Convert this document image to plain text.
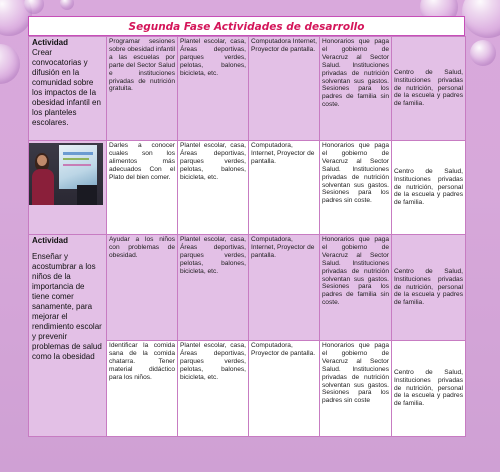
Segunda Fase Actividades de desarrollo
Actividad
Crear convocatorias y difusión en la comunidad sobre los impactos de la obesidad infantil en los planteles escolares.	Programar sesiones sobre obesidad infantil a las escuelas por parte del Sector Salud e instituciones privadas de nutrición gratuita.	Plantel escolar, casa, Áreas deportivas, parques verdes, pelotas, balones, bicicleta, etc.	Computadora Internet, Proyector de pantalla.	Honorarios que paga el gobierno de Veracruz al Sector Salud. Instituciones privadas de nutrición solventan sus gastos. Sesiones para los padres de familia sin coste.	Centro de Salud, Instituciones privadas de nutrición, personal de la escuela y padres de familia.

	Darles a conocer cuales son los alimentos más adecuados Con el Plato del bien comer.	Plantel escolar, casa, Áreas deportivas, parques verdes, pelotas, balones, bicicleta, etc.	Computadora, Internet, Proyector de pantalla.	Honorarios que paga el gobierno de Veracruz al Sector Salud. Instituciones privadas de nutrición solventan sus gastos. Sesiones para los padres sin coste.	Centro de Salud, Instituciones privadas de nutrición, personal de la escuela y padres de familia.

Actividad
Enseñar y acostumbrar a los niños de la importancia de tiene comer sanamente, para mejorar el rendimiento escolar y prevenir problemas de salud como la obesidad	Ayudar a los niños con problemas de obesidad.	Plantel escolar, casa, Áreas deportivas, parques verdes, pelotas, balones, bicicleta, etc.	Computadora, Internet, Proyector de pantalla.	Honorarios que paga el gobierno de Veracruz al Sector Salud. Instituciones privadas de nutrición solventan sus gastos. Sesiones para los padres de familia sin coste.	Centro de Salud, Instituciones privadas de nutrición, personal de la escuela y padres de familia.
	Identificar la comida sana de la comida chatarra. Tener material didáctico para los niños.	Plantel escolar, casa, Áreas deportivas, parques verdes, pelotas, balones, bicicleta, etc.	Computadora, Proyector de pantalla.	Honorarios que paga el gobierno de Veracruz al Sector Salud. Instituciones privadas de nutrición solventan sus gastos. Sesiones para los padres sin coste	Centro de Salud, Instituciones privadas de nutrición, personal de la escuela y padres de familia.
